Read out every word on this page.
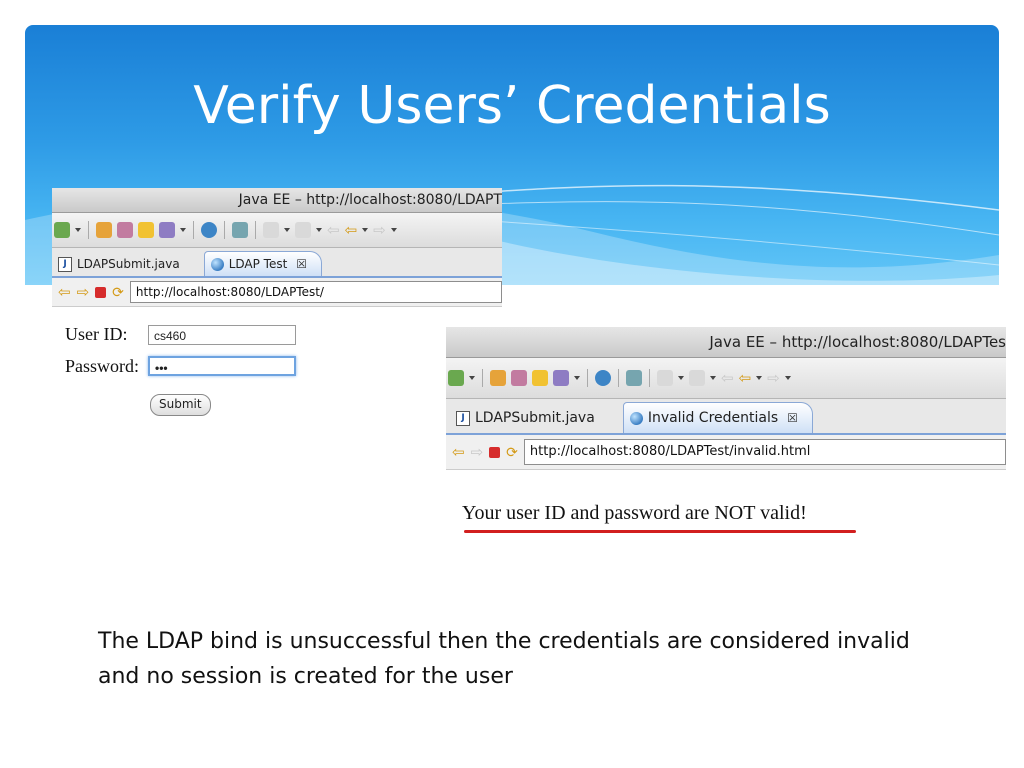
Verify Users’ Credentials
Java EE – http://localhost:8080/LDAPT
⇦ ⇦ ⇨
J LDAPSubmit.java	LDAP Test ☒
⇦ ⇨ ⟳	http://localhost:8080/LDAPTest/
User ID:	cs460
Password:	•••
Submit
Java EE – http://localhost:8080/LDAPTes
⇦ ⇦ ⇨
J LDAPSubmit.java	Invalid Credentials ☒
⇦ ⇨ ⟳ http://localhost:8080/LDAPTest/invalid.html
Your user ID and password are NOT valid!
The LDAP bind is unsuccessful then the credentials are considered invalid and no session is created for the user
